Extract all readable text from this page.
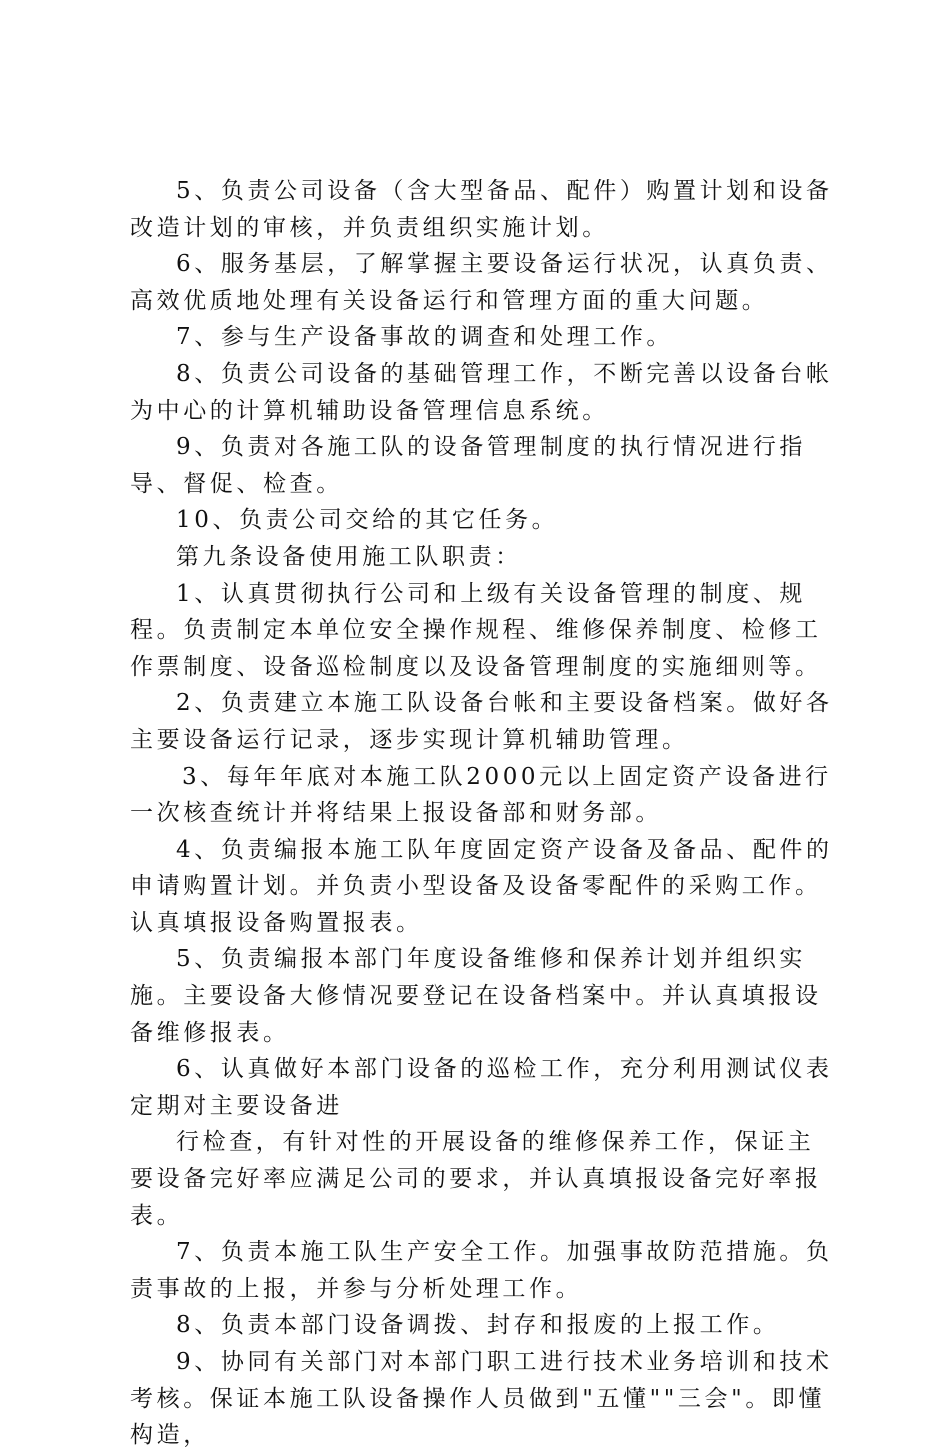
5、负责公司设备（含大型备品、配件）购置计划和设备改造计划的审核，并负责组织实施计划。

6、服务基层，了解掌握主要设备运行状况，认真负责、高效优质地处理有关设备运行和管理方面的重大问题。

7、参与生产设备事故的调查和处理工作。

8、负责公司设备的基础管理工作，不断完善以设备台帐为中心的计算机辅助设备管理信息系统。

9、负责对各施工队的设备管理制度的执行情况进行指导、督促、检查。

10、负责公司交给的其它任务。

第九条设备使用施工队职责：

1、认真贯彻执行公司和上级有关设备管理的制度、规程。负责制定本单位安全操作规程、维修保养制度、检修工作票制度、设备巡检制度以及设备管理制度的实施细则等。

2、负责建立本施工队设备台帐和主要设备档案。做好各主要设备运行记录，逐步实现计算机辅助管理。

3、每年年底对本施工队2000元以上固定资产设备进行一次核查统计并将结果上报设备部和财务部。

4、负责编报本施工队年度固定资产设备及备品、配件的申请购置计划。并负责小型设备及设备零配件的采购工作。认真填报设备购置报表。

5、负责编报本部门年度设备维修和保养计划并组织实施。主要设备大修情况要登记在设备档案中。并认真填报设备维修报表。

6、认真做好本部门设备的巡检工作，充分利用测试仪表定期对主要设备进

行检查，有针对性的开展设备的维修保养工作，保证主要设备完好率应满足公司的要求，并认真填报设备完好率报表。

7、负责本施工队生产安全工作。加强事故防范措施。负责事故的上报，并参与分析处理工作。

8、负责本部门设备调拨、封存和报废的上报工作。

9、协同有关部门对本部门职工进行技术业务培训和技术考核。保证本施工队设备操作人员做到"五懂""三会"。即懂构造，
